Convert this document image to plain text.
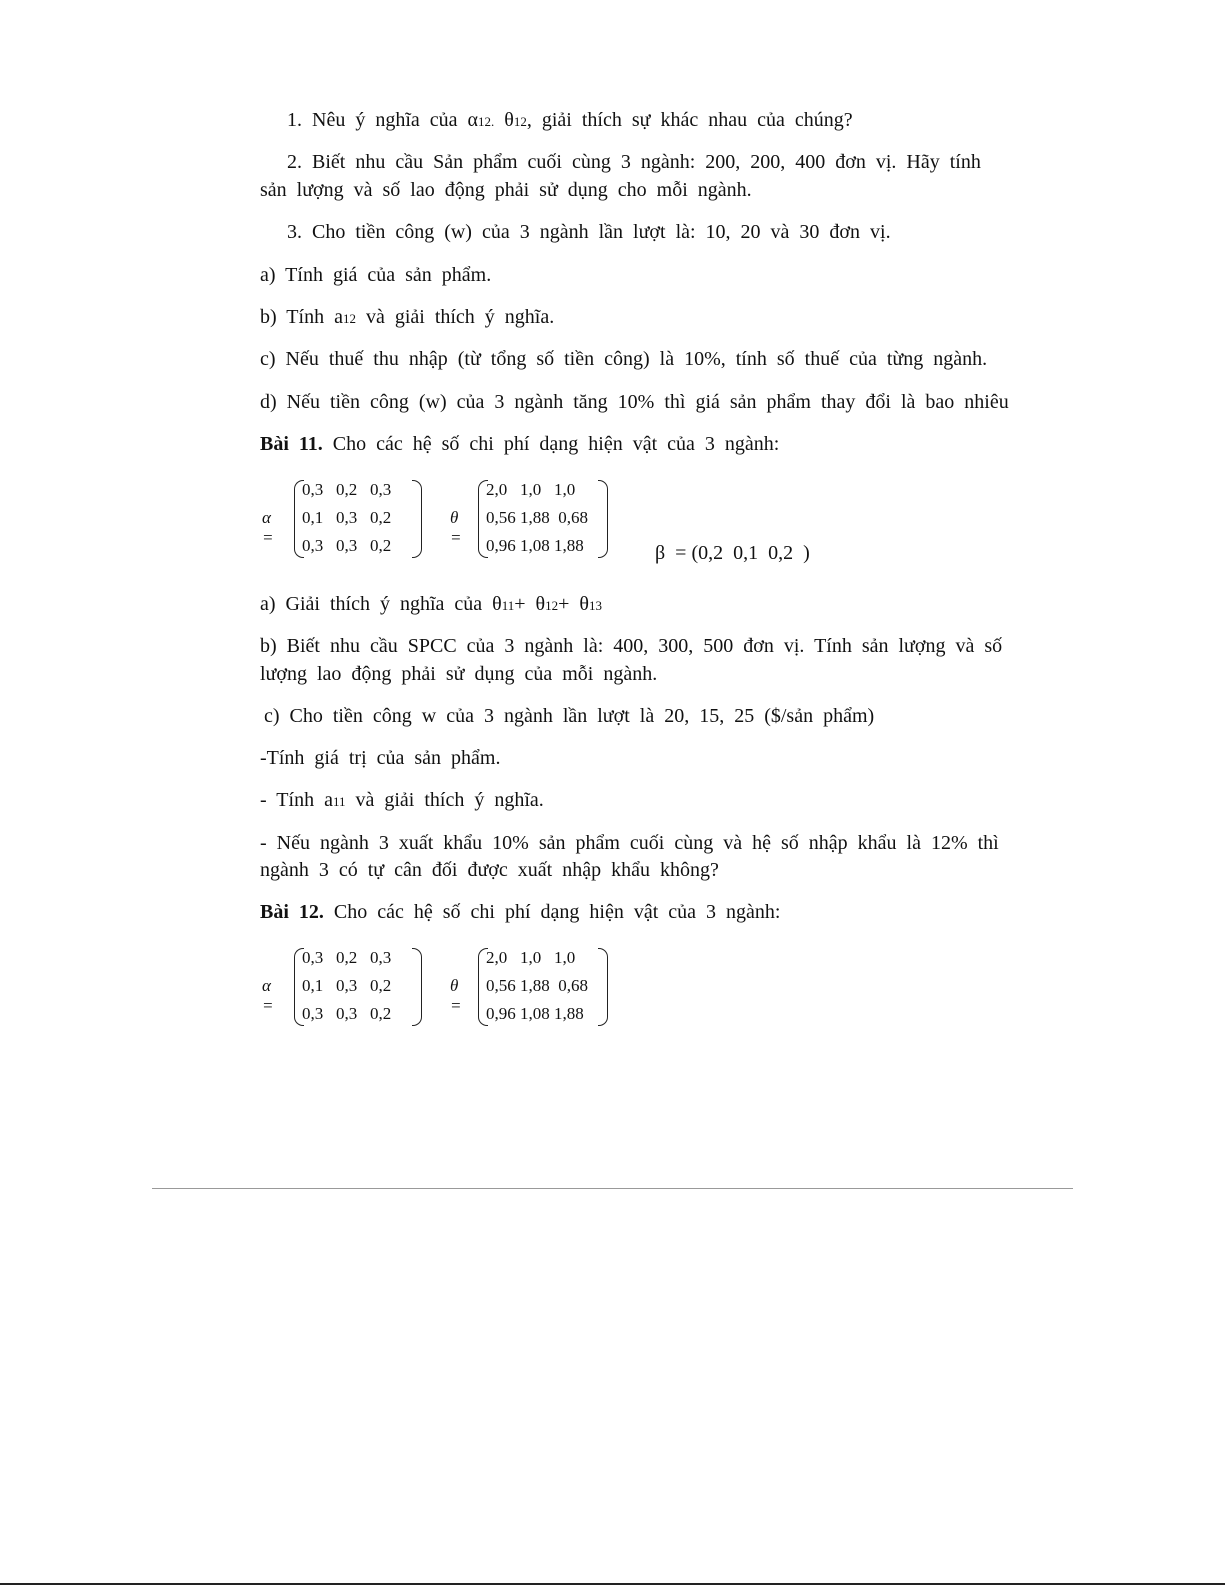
1. Nêu ý nghĩa của α12. θ12, giải thích sự khác nhau của chúng?
2. Biết nhu cầu Sản phẩm cuối cùng 3 ngành: 200, 200, 400 đơn vị. Hãy tính
sản lượng và số lao động phải sử dụng cho mỗi ngành.
3. Cho tiền công (w) của 3 ngành lần lượt là: 10, 20 và 30 đơn vị.
a) Tính giá của sản phẩm.
b) Tính a12 và giải thích ý nghĩa.
c) Nếu thuế thu nhập (từ tổng số tiền công) là 10%, tính số thuế của từng ngành.
d) Nếu tiền công (w) của 3 ngành tăng 10% thì giá sản phẩm thay đổi là bao nhiêu
Bài 11. Cho các hệ số chi phí dạng hiện vật của 3 ngành:
α =
0,3   0,2   0,3
0,1   0,3   0,2
0,3   0,3   0,2
θ =
2,0   1,0   1,0
0,56 1,88  0,68
0,96 1,08 1,88	β  = (0,2  0,1  0,2  )
a) Giải thích ý nghĩa của θ11+ θ12+ θ13
b) Biết nhu cầu SPCC của 3 ngành là: 400, 300, 500 đơn vị. Tính sản lượng và số
lượng lao động phải sử dụng của mỗi ngành.
c) Cho tiền công w của 3 ngành lần lượt là 20, 15, 25 ($/sản phẩm)
-Tính giá trị của sản phẩm.
- Tính a11 và giải thích ý nghĩa.
- Nếu ngành 3 xuất khẩu 10% sản phẩm cuối cùng và hệ số nhập khẩu là 12% thì
ngành 3 có tự cân đối được xuất nhập khẩu không?
Bài 12. Cho các hệ số chi phí dạng hiện vật của 3 ngành:
α =
0,3   0,2   0,3
0,1   0,3   0,2
0,3   0,3   0,2
θ =
2,0   1,0   1,0
0,56 1,88  0,68
0,96 1,08 1,88
